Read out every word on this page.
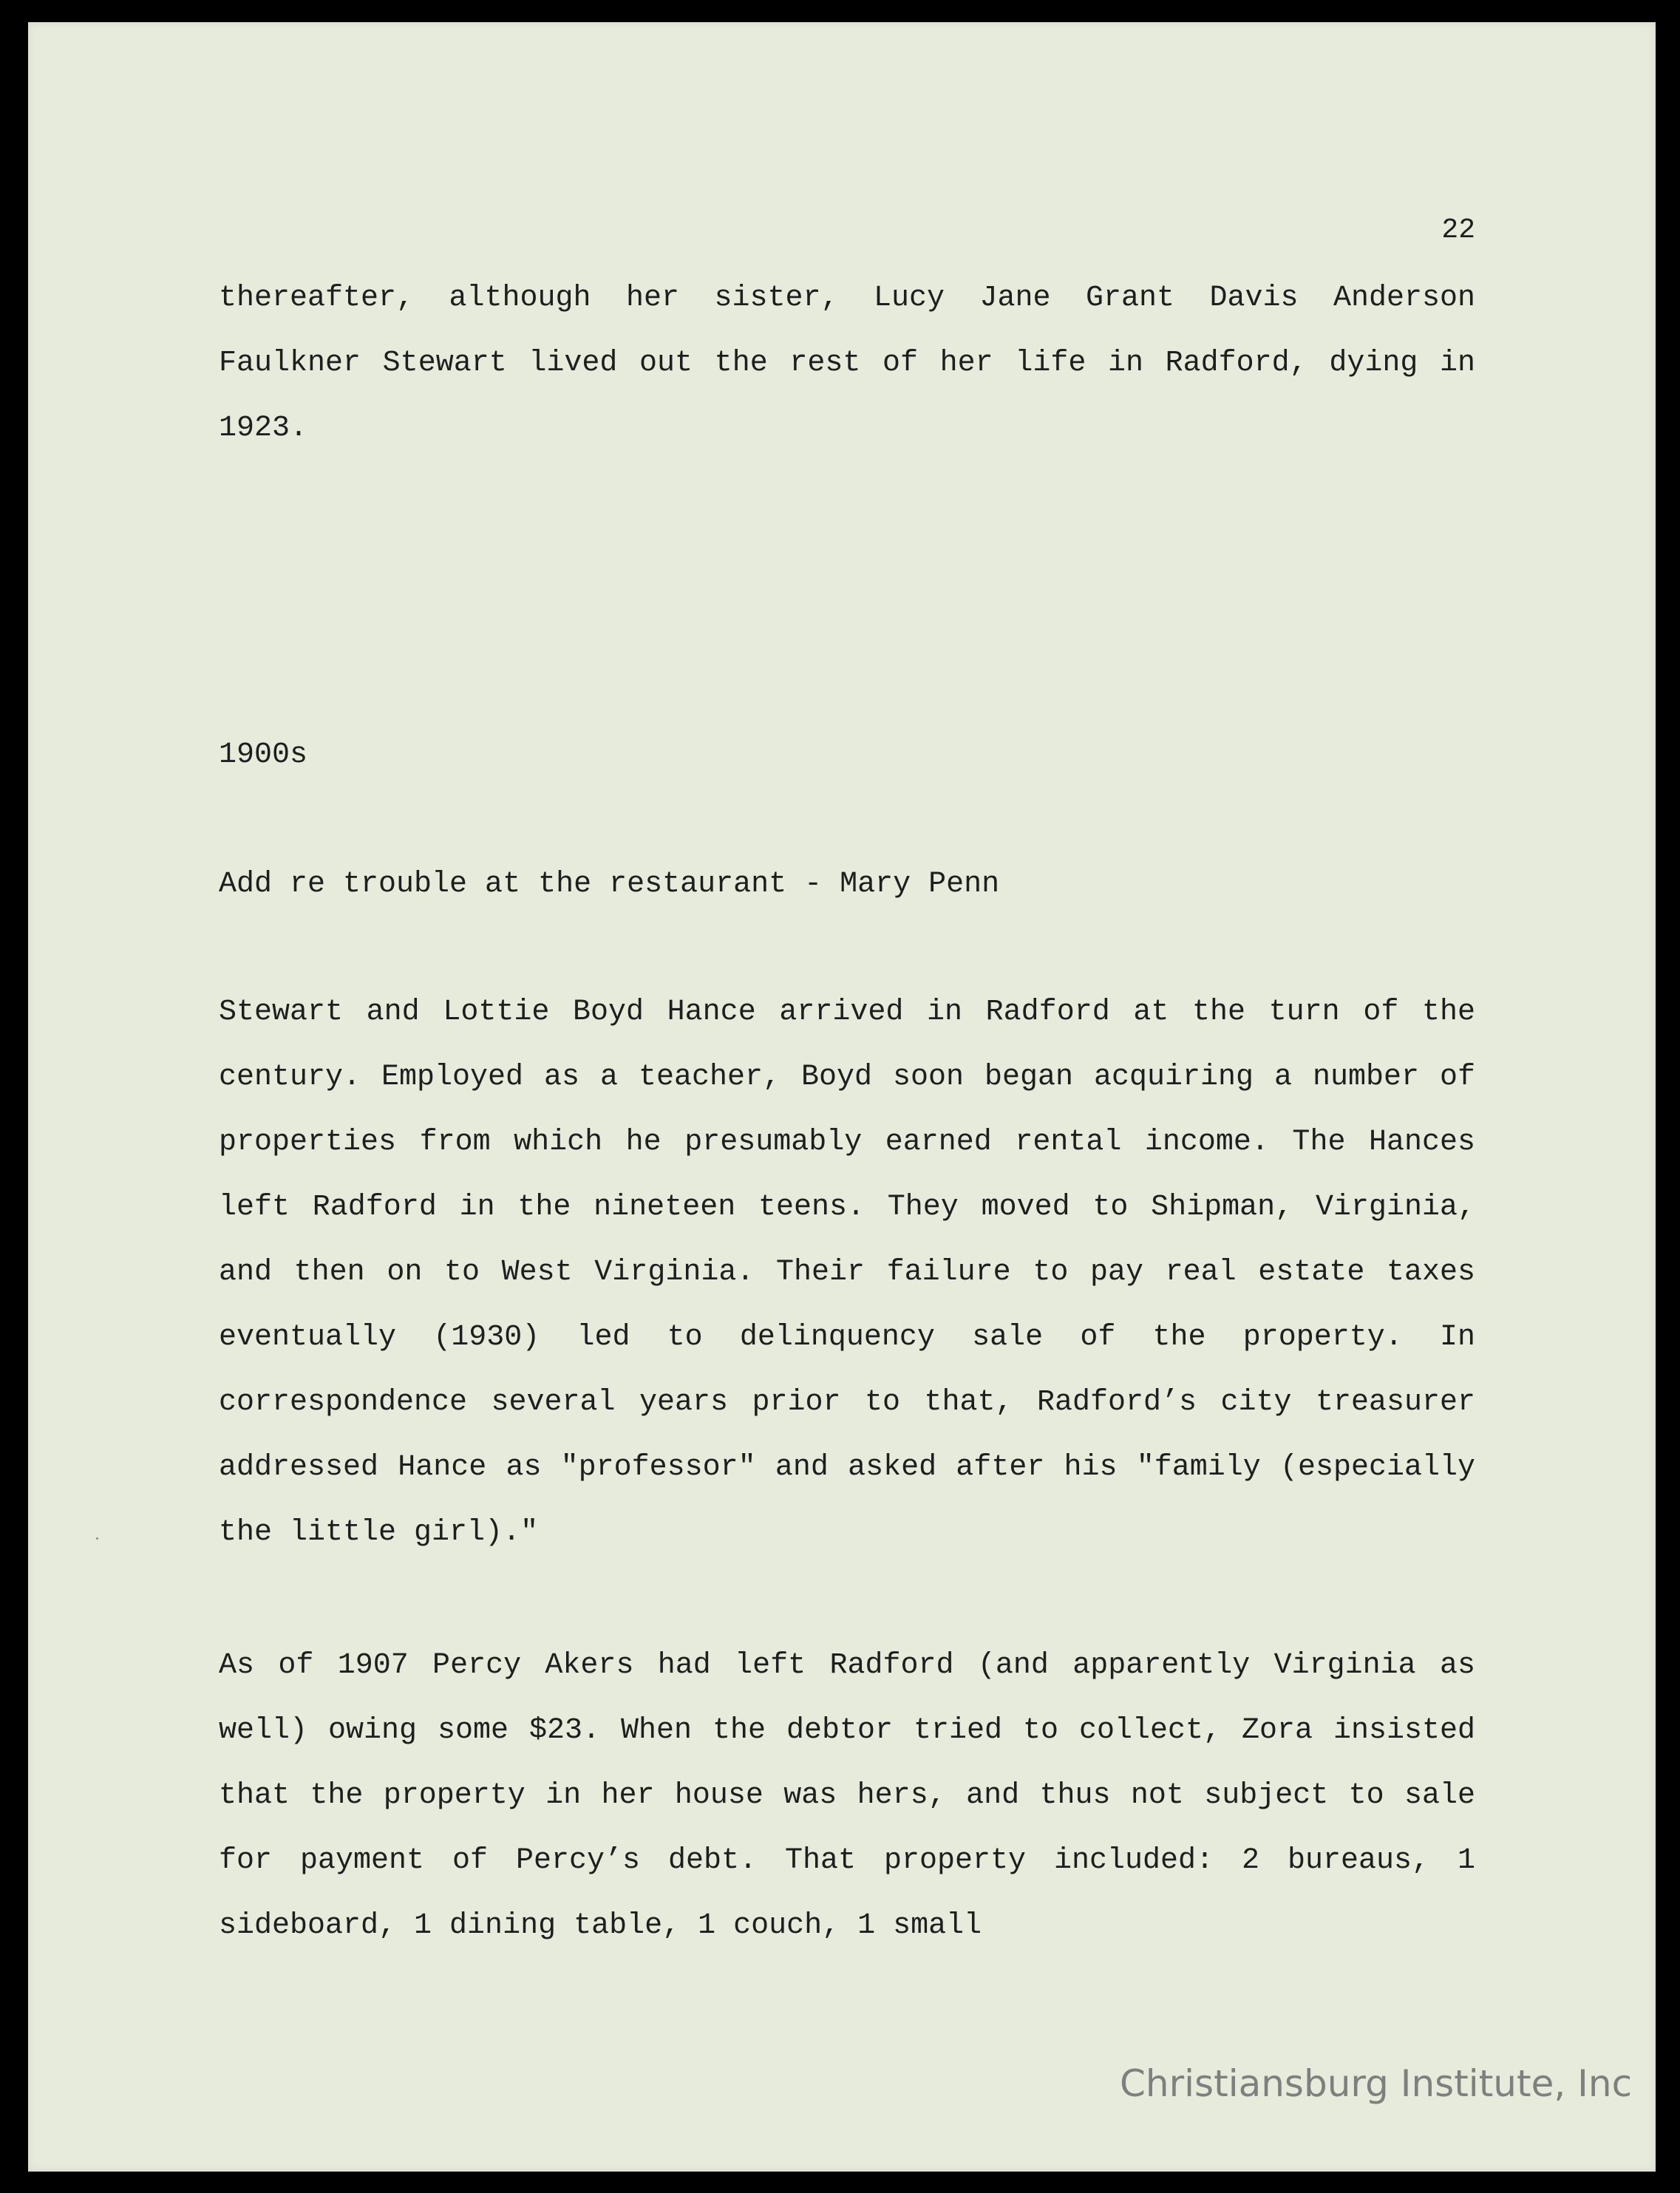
22

thereafter, although her sister, Lucy Jane Grant Davis Anderson Faulkner Stewart lived out the rest of her life in Radford, dying in 1923.

1900s

Add re trouble at the restaurant - Mary Penn

Stewart and Lottie Boyd Hance arrived in Radford at the turn of the century. Employed as a teacher, Boyd soon began acquiring a number of properties from which he presumably earned rental income. The Hances left Radford in the nineteen teens. They moved to Shipman, Virginia, and then on to West Virginia. Their failure to pay real estate taxes eventually (1930) led to delinquency sale of the property. In correspondence several years prior to that, Radford’s city treasurer addressed Hance as "professor" and asked after his "family (especially the little girl)."

As of 1907 Percy Akers had left Radford (and apparently Virginia as well) owing some $23. When the debtor tried to collect, Zora insisted that the property in her house was hers, and thus not subject to sale for payment of Percy’s debt. That property included: 2 bureaus, 1 sideboard, 1 dining table, 1 couch, 1 small

Christiansburg Institute, Inc
